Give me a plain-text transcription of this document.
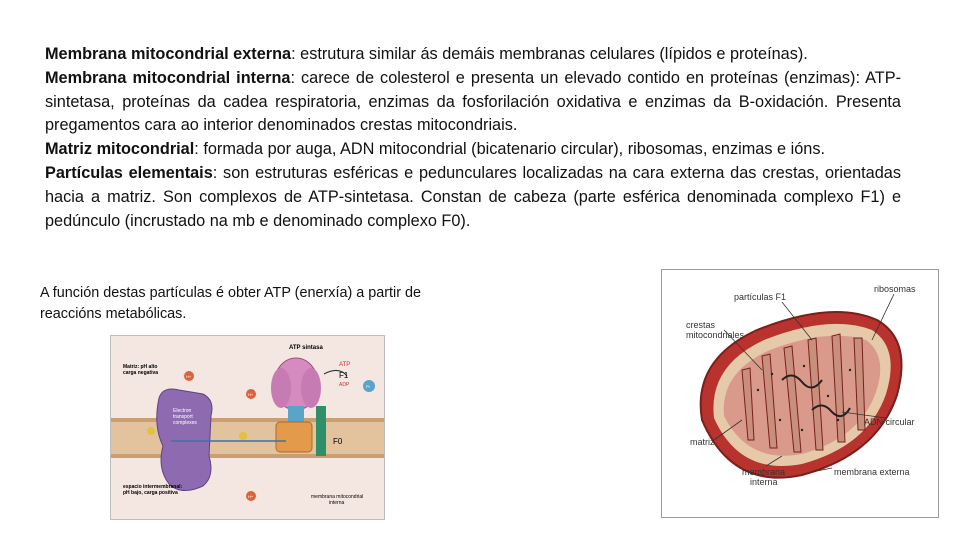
Membrana mitocondrial externa: estrutura similar ás demáis membranas celulares (lípidos e proteínas).

Membrana mitocondrial interna: carece de colesterol e presenta un elevado contido en proteínas (enzimas): ATP-sintetasa, proteínas da cadea respiratoria, enzimas da fosforilación oxidativa e enzimas da Β-oxidación. Presenta pregamentos cara ao interior denominados crestas mitocondriais.

Matriz mitocondrial: formada por auga, ADN mitocondrial (bicatenario circular), ribosomas, enzimas e ións.

Partículas elementais: son estruturas esféricas e pedunculares localizadas na cara externa das crestas, orientadas hacia a matriz. Son complexos de ATP-sintetasa. Constan de cabeza (parte esférica denominada complexo F1) e pedúnculo (incrustado na mb e denominado complexo F0).

A función destas partículas é obter ATP (enerxía) a partir de reaccións metabólicas.
ATP sintasa
Matriz: pH alto
carga negativa
Electron
transport
complexes
ATP
ADP	Pi
F1
F0
H+
H+
H+
espacio intermembranal:
pH bajo, carga positiva
membrana mitocondrial
interna
partículas F1
ribosomas
crestas
mitocondriales
ADN circular
matriz
membrana
interna
membrana externa
